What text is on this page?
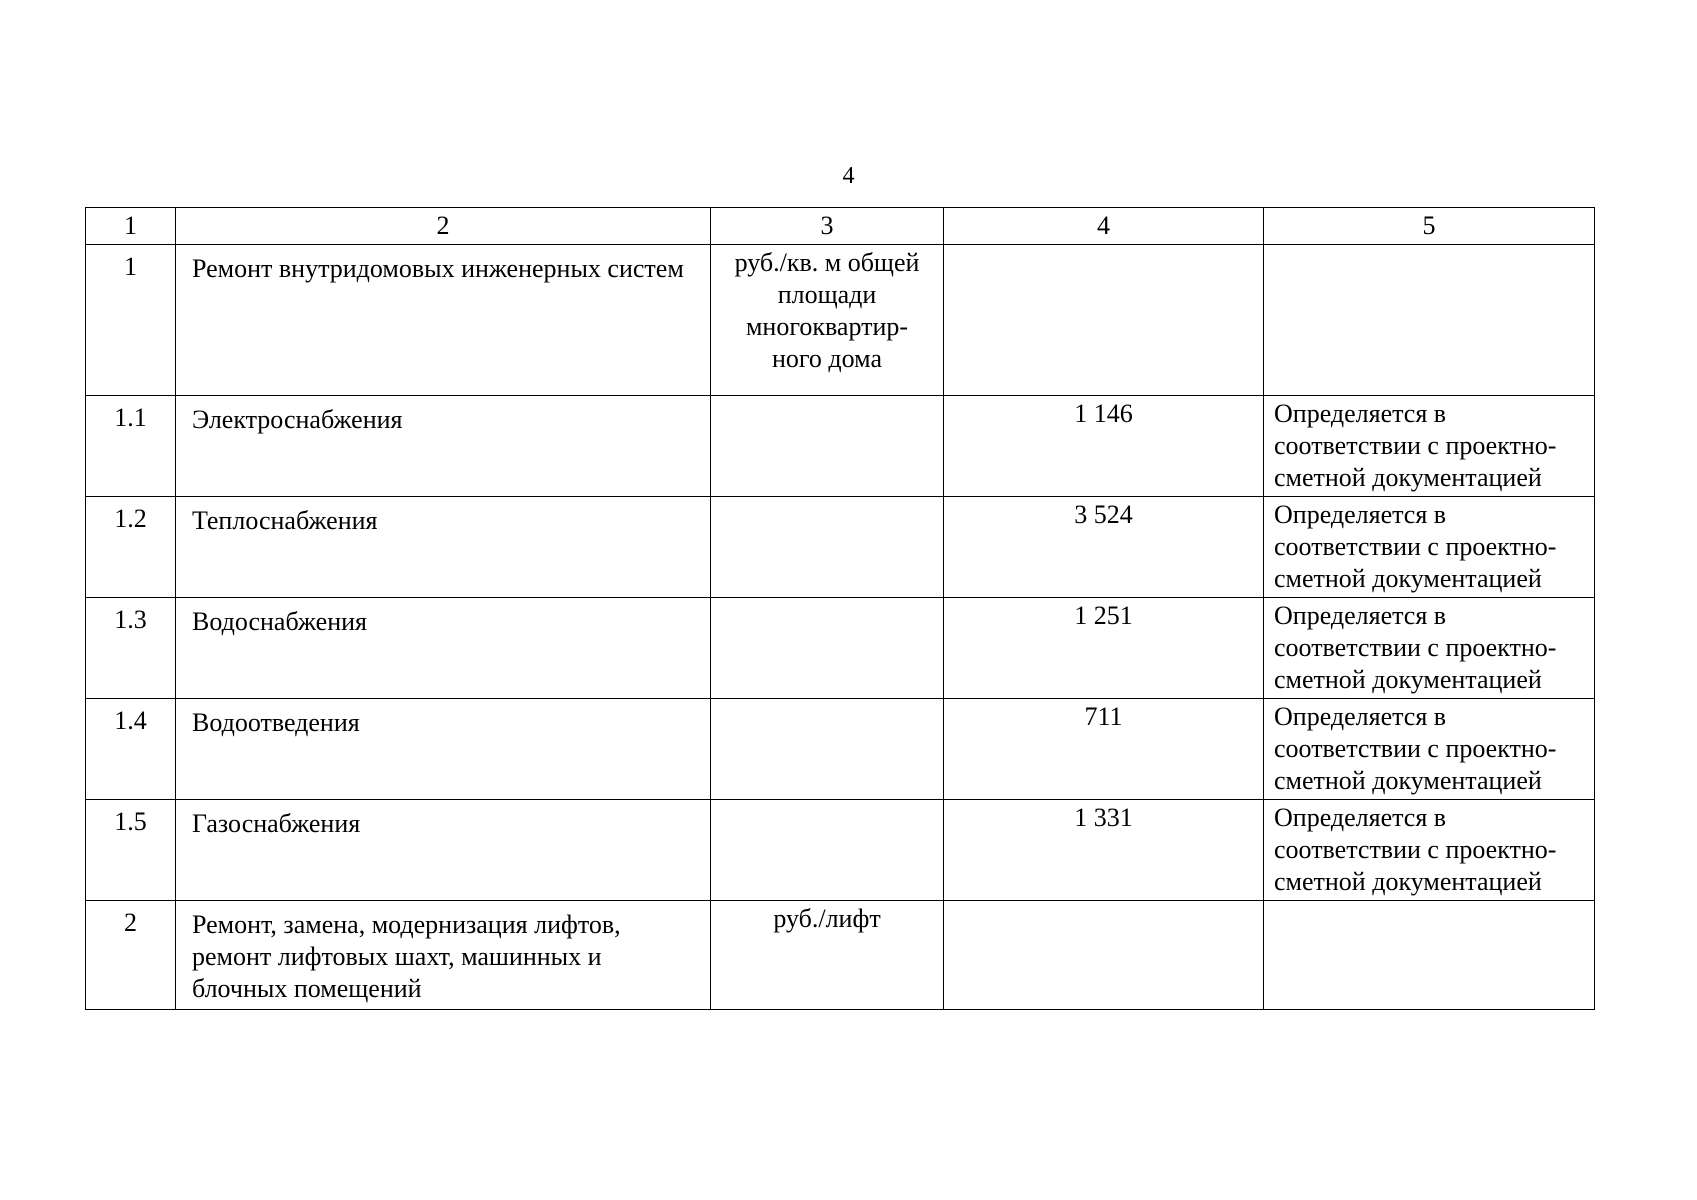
4
1	2	3	4	5
1	Ремонт внутридомовых инженерных систем	руб./кв. м общей
площади
многоквартир-
ного дома		

1.1	Электроснабжения		1 146	Определяется в
соответствии с проектно-
сметной документацией

1.2	Теплоснабжения		3 524	Определяется в
соответствии с проектно-
сметной документацией

1.3	Водоснабжения		1 251	Определяется в
соответствии с проектно-
сметной документацией

1.4	Водоотведения		711	Определяется в
соответствии с проектно-
сметной документацией

1.5	Газоснабжения		1 331	Определяется в
соответствии с проектно-
сметной документацией

2	Ремонт, замена, модернизация лифтов, ремонт лифтовых шахт, машинных и блочных помещений	руб./лифт		
